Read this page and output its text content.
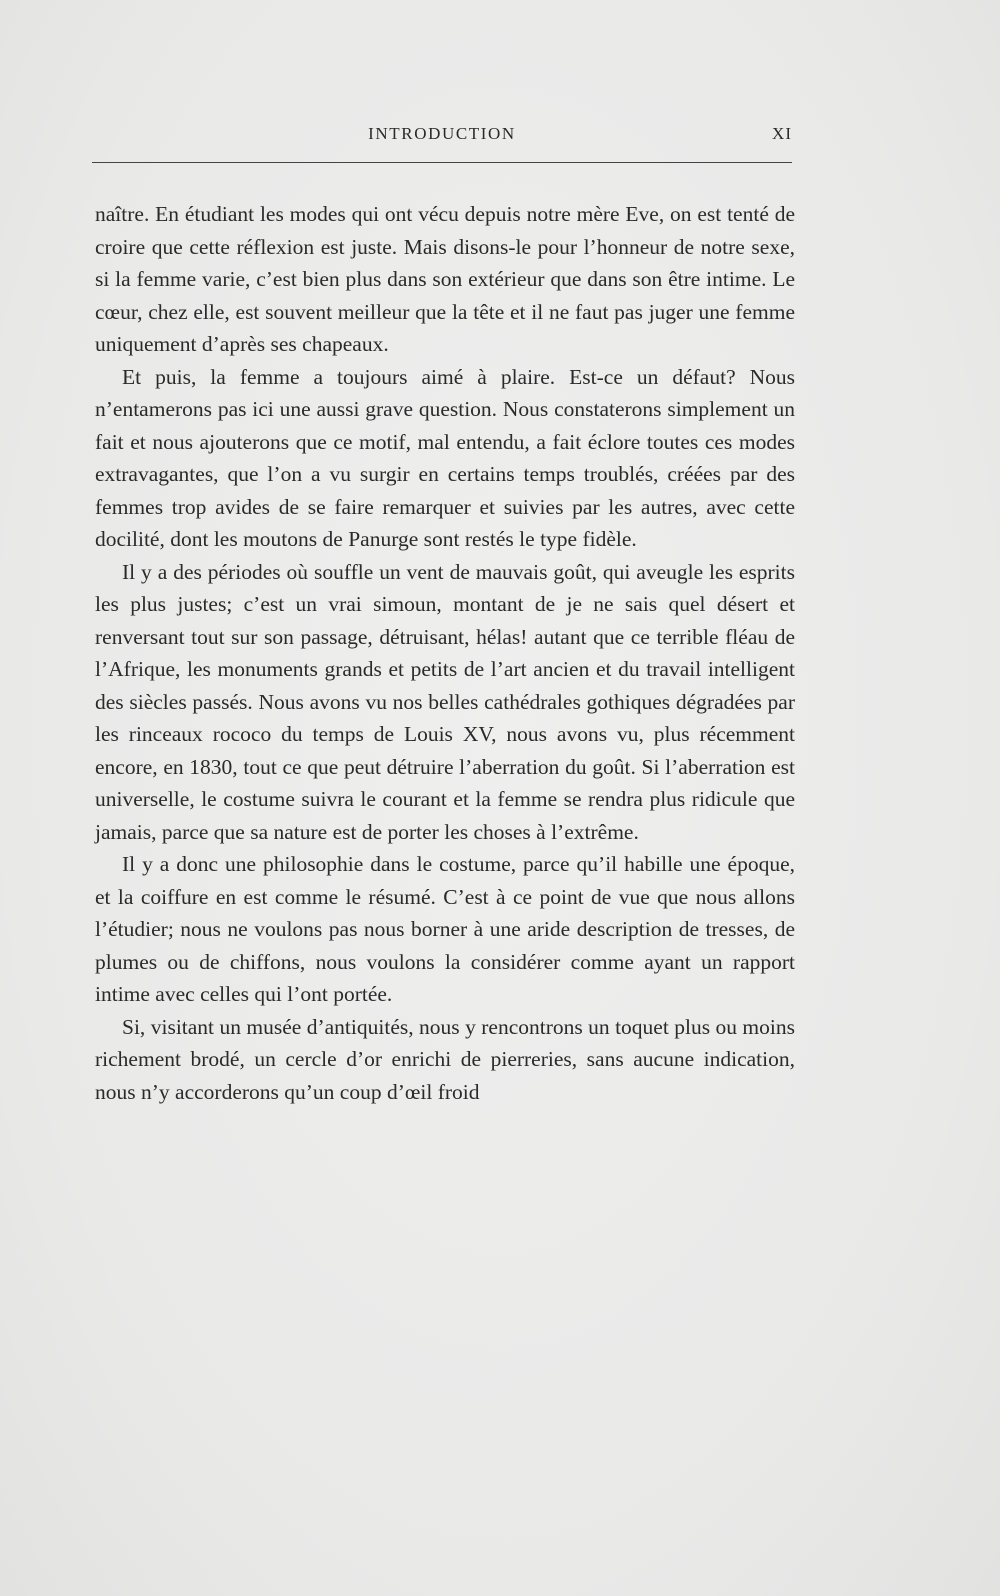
INTRODUCTION	XI

naître. En étudiant les modes qui ont vécu depuis notre mère Eve, on est tenté de croire que cette réflexion est juste. Mais disons-le pour l’honneur de notre sexe, si la femme varie, c’est bien plus dans son extérieur que dans son être intime. Le cœur, chez elle, est souvent meilleur que la tête et il ne faut pas juger une femme uniquement d’après ses chapeaux.

Et puis, la femme a toujours aimé à plaire. Est-ce un défaut? Nous n’entamerons pas ici une aussi grave question. Nous constaterons simplement un fait et nous ajouterons que ce motif, mal entendu, a fait éclore toutes ces modes extravagantes, que l’on a vu surgir en certains temps troublés, créées par des femmes trop avides de se faire remarquer et suivies par les autres, avec cette docilité, dont les moutons de Panurge sont restés le type fidèle.

Il y a des périodes où souffle un vent de mauvais goût, qui aveugle les esprits les plus justes; c’est un vrai simoun, montant de je ne sais quel désert et renversant tout sur son passage, détruisant, hélas! autant que ce terrible fléau de l’Afrique, les monuments grands et petits de l’art ancien et du travail intelligent des siècles passés. Nous avons vu nos belles cathédrales gothiques dégradées par les rinceaux rococo du temps de Louis XV, nous avons vu, plus récemment encore, en 1830, tout ce que peut détruire l’aberration du goût. Si l’aberration est universelle, le costume suivra le courant et la femme se rendra plus ridicule que jamais, parce que sa nature est de porter les choses à l’extrême.

Il y a donc une philosophie dans le costume, parce qu’il habille une époque, et la coiffure en est comme le résumé. C’est à ce point de vue que nous allons l’étudier; nous ne voulons pas nous borner à une aride description de tresses, de plumes ou de chiffons, nous voulons la considérer comme ayant un rapport intime avec celles qui l’ont portée.

Si, visitant un musée d’antiquités, nous y rencontrons un toquet plus ou moins richement brodé, un cercle d’or enrichi de pierreries, sans aucune indication, nous n’y accorderons qu’un coup d’œil froid
